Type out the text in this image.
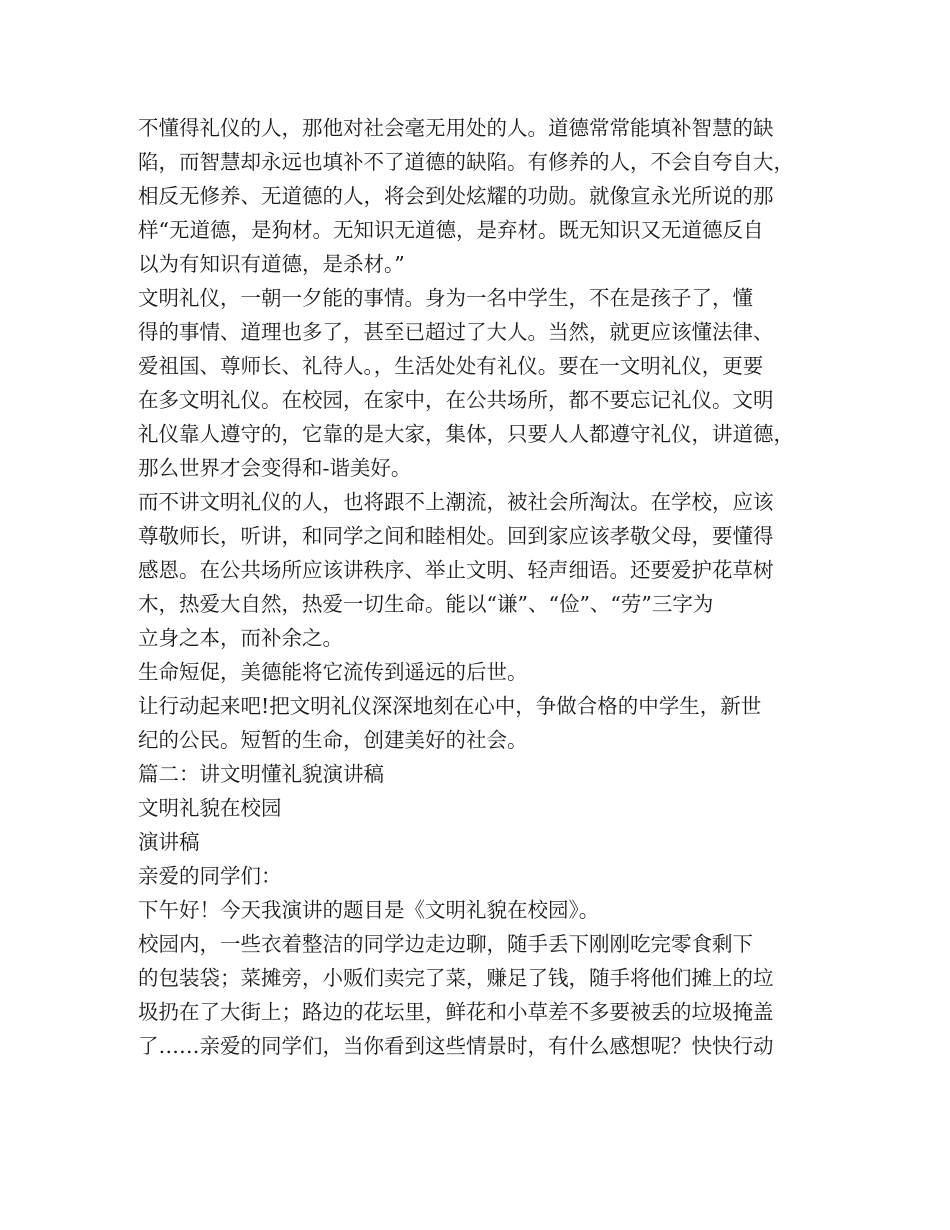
不懂得礼仪的人，那他对社会毫无用处的人。道德常常能填补智慧的缺
陷，而智慧却永远也填补不了道德的缺陷。有修养的人，不会自夸自大，
相反无修养、无道德的人，将会到处炫耀的功勋。就像宣永光所说的那
样“无道德，是狗材。无知识无道德，是弃材。既无知识又无道德反自
以为有知识有道德，是杀材。”
文明礼仪，一朝一夕能的事情。身为一名中学生，不在是孩子了，懂
得的事情、道理也多了，甚至已超过了大人。当然，就更应该懂法律、
爱祖国、尊师长、礼待人。，生活处处有礼仪。要在一文明礼仪，更要
在多文明礼仪。在校园，在家中，在公共场所，都不要忘记礼仪。文明
礼仪靠人遵守的，它靠的是大家，集体，只要人人都遵守礼仪，讲道德，
那么世界才会变得和-谐美好。
而不讲文明礼仪的人，也将跟不上潮流，被社会所淘汰。在学校，应该
尊敬师长，听讲，和同学之间和睦相处。回到家应该孝敬父母，要懂得
感恩。在公共场所应该讲秩序、举止文明、轻声细语。还要爱护花草树
木，热爱大自然，热爱一切生命。能以“谦”、“俭”、“劳”三字为
立身之本，而补余之。
生命短促，美德能将它流传到遥远的后世。
让行动起来吧!把文明礼仪深深地刻在心中，争做合格的中学生，新世
纪的公民。短暂的生命，创建美好的社会。
篇二：讲文明懂礼貌演讲稿
文明礼貌在校园
演讲稿
亲爱的同学们：
下午好！今天我演讲的题目是《文明礼貌在校园》。
校园内，一些衣着整洁的同学边走边聊，随手丢下刚刚吃完零食剩下
的包装袋；菜摊旁，小贩们卖完了菜，赚足了钱，随手将他们摊上的垃
圾扔在了大街上；路边的花坛里，鲜花和小草差不多要被丢的垃圾掩盖
了……亲爱的同学们，当你看到这些情景时，有什么感想呢？快快行动
